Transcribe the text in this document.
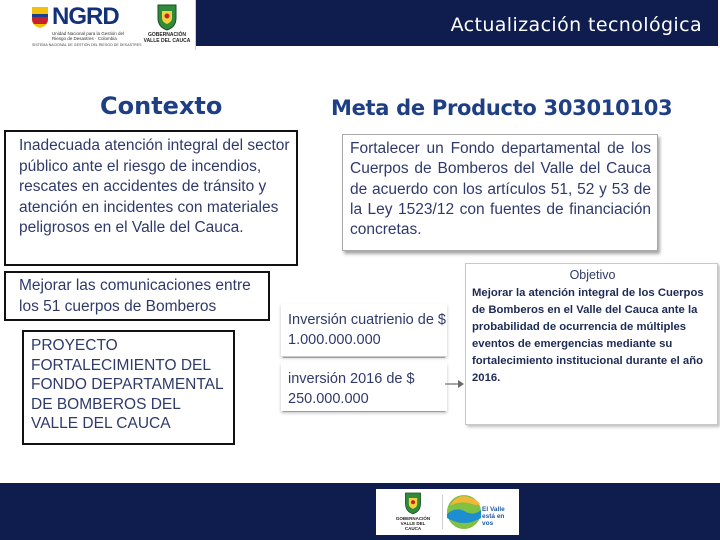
Actualización tecnológica
NGRD
Unidad Nacional para la Gestión del Riesgo de Desastres · Colombia
SISTEMA NACIONAL DE GESTIÓN DEL RIESGO DE DESASTRES
GOBERNACIÓN
VALLE DEL CAUCA
Contexto	Meta de Producto 303010103
Inadecuada atención integral del sector público ante el riesgo de incendios, rescates en accidentes de tránsito y atención en incidentes con materiales peligrosos en el Valle del Cauca.
Mejorar las comunicaciones entre los 51 cuerpos de Bomberos
PROYECTO FORTALECIMIENTO DEL FONDO DEPARTAMENTAL DE BOMBEROS DEL VALLE DEL CAUCA
Fortalecer un Fondo departamental de los Cuerpos de Bomberos del Valle del Cauca de acuerdo con los artículos 51, 52 y 53 de la Ley 1523/12 con fuentes de financiación concretas.
Inversión cuatrienio de $ 1.000.000.000
inversión 2016 de $ 250.000.000
Objetivo
Mejorar la atención integral de los Cuerpos de Bomberos en el Valle del Cauca ante la probabilidad de ocurrencia de múltiples eventos de emergencias mediante su fortalecimiento institucional durante el año 2016.
GOBERNACIÓN
VALLE DEL CAUCA
El Valle
está en
vos
